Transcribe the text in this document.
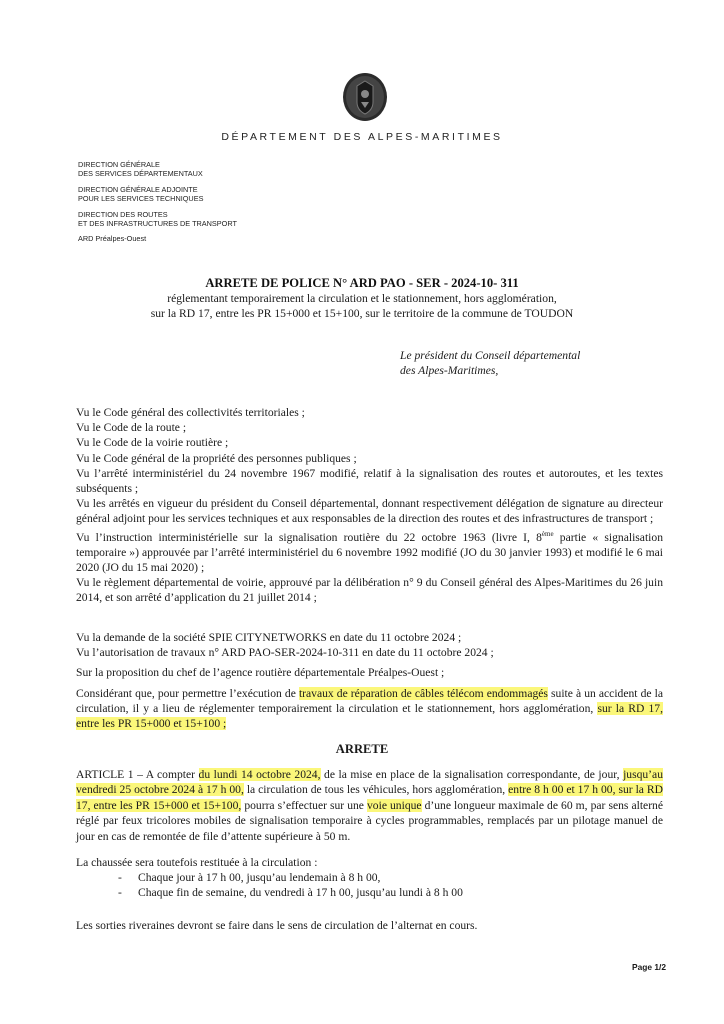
DÉPARTEMENT DES ALPES-MARITIMES
DIRECTION GÉNÉRALE
DES SERVICES DÉPARTEMENTAUX
DIRECTION GÉNÉRALE ADJOINTE
POUR LES SERVICES TECHNIQUES
DIRECTION DES ROUTES
ET DES INFRASTRUCTURES DE TRANSPORT
ARD Préalpes-Ouest
ARRETE DE POLICE N° ARD PAO - SER - 2024-10- 311
réglementant temporairement la circulation et le stationnement, hors agglomération,
sur la RD 17, entre les PR 15+000 et 15+100, sur le territoire de la commune de TOUDON
Le président du Conseil départemental
des Alpes-Maritimes,

Vu le Code général des collectivités territoriales ;

Vu le Code de la route ;

Vu le Code de la voirie routière ;

Vu le Code général de la propriété des personnes publiques ;

Vu l’arrêté interministériel du 24 novembre 1967 modifié, relatif à la signalisation des routes et autoroutes, et les textes subséquents ;

Vu les arrêtés en vigueur du président du Conseil départemental, donnant respectivement délégation de signature au directeur général adjoint pour les services techniques et aux responsables de la direction des routes et des infrastructures de transport ;

Vu l’instruction interministérielle sur la signalisation routière du 22 octobre 1963 (livre I, 8ème partie « signalisation temporaire ») approuvée par l’arrêté interministériel du 6 novembre 1992 modifié (JO du 30 janvier 1993) et modifié le 6 mai 2020 (JO du 15 mai 2020) ;

Vu le règlement départemental de voirie, approuvé par la délibération n° 9 du Conseil général des Alpes-Maritimes du 26 juin 2014, et son arrêté d’application du 21 juillet 2014 ;

Vu la demande de la société SPIE CITYNETWORKS en date du 11 octobre 2024 ;

Vu l’autorisation de travaux n° ARD PAO-SER-2024-10-311 en date du 11 octobre 2024 ;

Sur la proposition du chef de l’agence routière départementale Préalpes-Ouest ;

Considérant que, pour permettre l’exécution de travaux de réparation de câbles télécom endommagés suite à un accident de la circulation, il y a lieu de réglementer temporairement la circulation et le stationnement, hors agglomération, sur la RD 17, entre les PR 15+000 et 15+100 ;

ARRETE

ARTICLE 1 – A compter du lundi 14 octobre 2024, de la mise en place de la signalisation correspondante, de jour, jusqu’au vendredi 25 octobre 2024 à 17 h 00, la circulation de tous les véhicules, hors agglomération, entre 8 h 00 et 17 h 00, sur la RD 17, entre les PR 15+000 et 15+100, pourra s’effectuer sur une voie unique d’une longueur maximale de 60 m, par sens alterné réglé par feux tricolores mobiles de signalisation temporaire à cycles programmables, remplacés par un pilotage manuel de jour en cas de remontée de file d’attente supérieure à 50 m.

La chaussée sera toutefois restituée à la circulation :

- Chaque jour à 17 h 00, jusqu’au lendemain à 8 h 00,
- Chaque fin de semaine, du vendredi à 17 h 00, jusqu’au lundi à 8 h 00

Les sorties riveraines devront se faire dans le sens de circulation de l’alternat en cours.

Page 1/2
